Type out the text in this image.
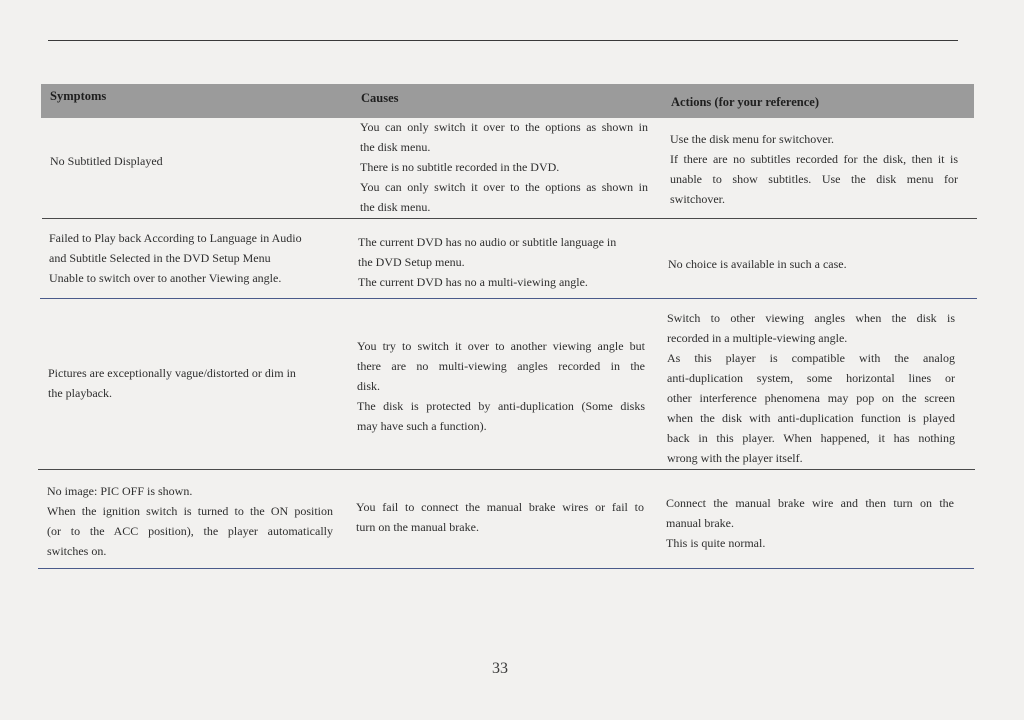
Symptoms	Causes	Actions (for your reference)
No Subtitled Displayed
You can only switch it over to the options as shown in
the disk menu.
There is no subtitle recorded in the DVD.
You can only switch it over to the options as shown in
the disk menu.
Use the disk menu for switchover.
If there are no subtitles recorded for the disk, then it is
unable to show subtitles. Use the disk menu for
switchover.
Failed to Play back According to Language in Audio
and Subtitle Selected in the DVD Setup Menu
Unable to switch over to another Viewing angle.
The current DVD has no audio or subtitle language in
the DVD Setup menu.
The current DVD has no a multi-viewing angle.
No choice is available in such a case.
Pictures are exceptionally vague/distorted or dim in
the playback.
You try to switch it over to another viewing angle but
there are no multi-viewing angles recorded in the
disk.
The disk is protected by anti-duplication (Some disks
may have such a function).
Switch to other viewing angles when the disk is
recorded in a multiple-viewing angle.
As this player is compatible with the analog
anti-duplication system, some horizontal lines or
other interference phenomena may pop on the screen
when the disk with anti-duplication function is played
back in this player. When happened, it has nothing
wrong with the player itself.
No image: PIC OFF is shown.
When the ignition switch is turned to the ON position
(or to the ACC position), the player automatically
switches on.
You fail to connect the manual brake wires or fail to
turn on the manual brake.
Connect the manual brake wire and then turn on the
manual brake.
This is quite normal.
33
